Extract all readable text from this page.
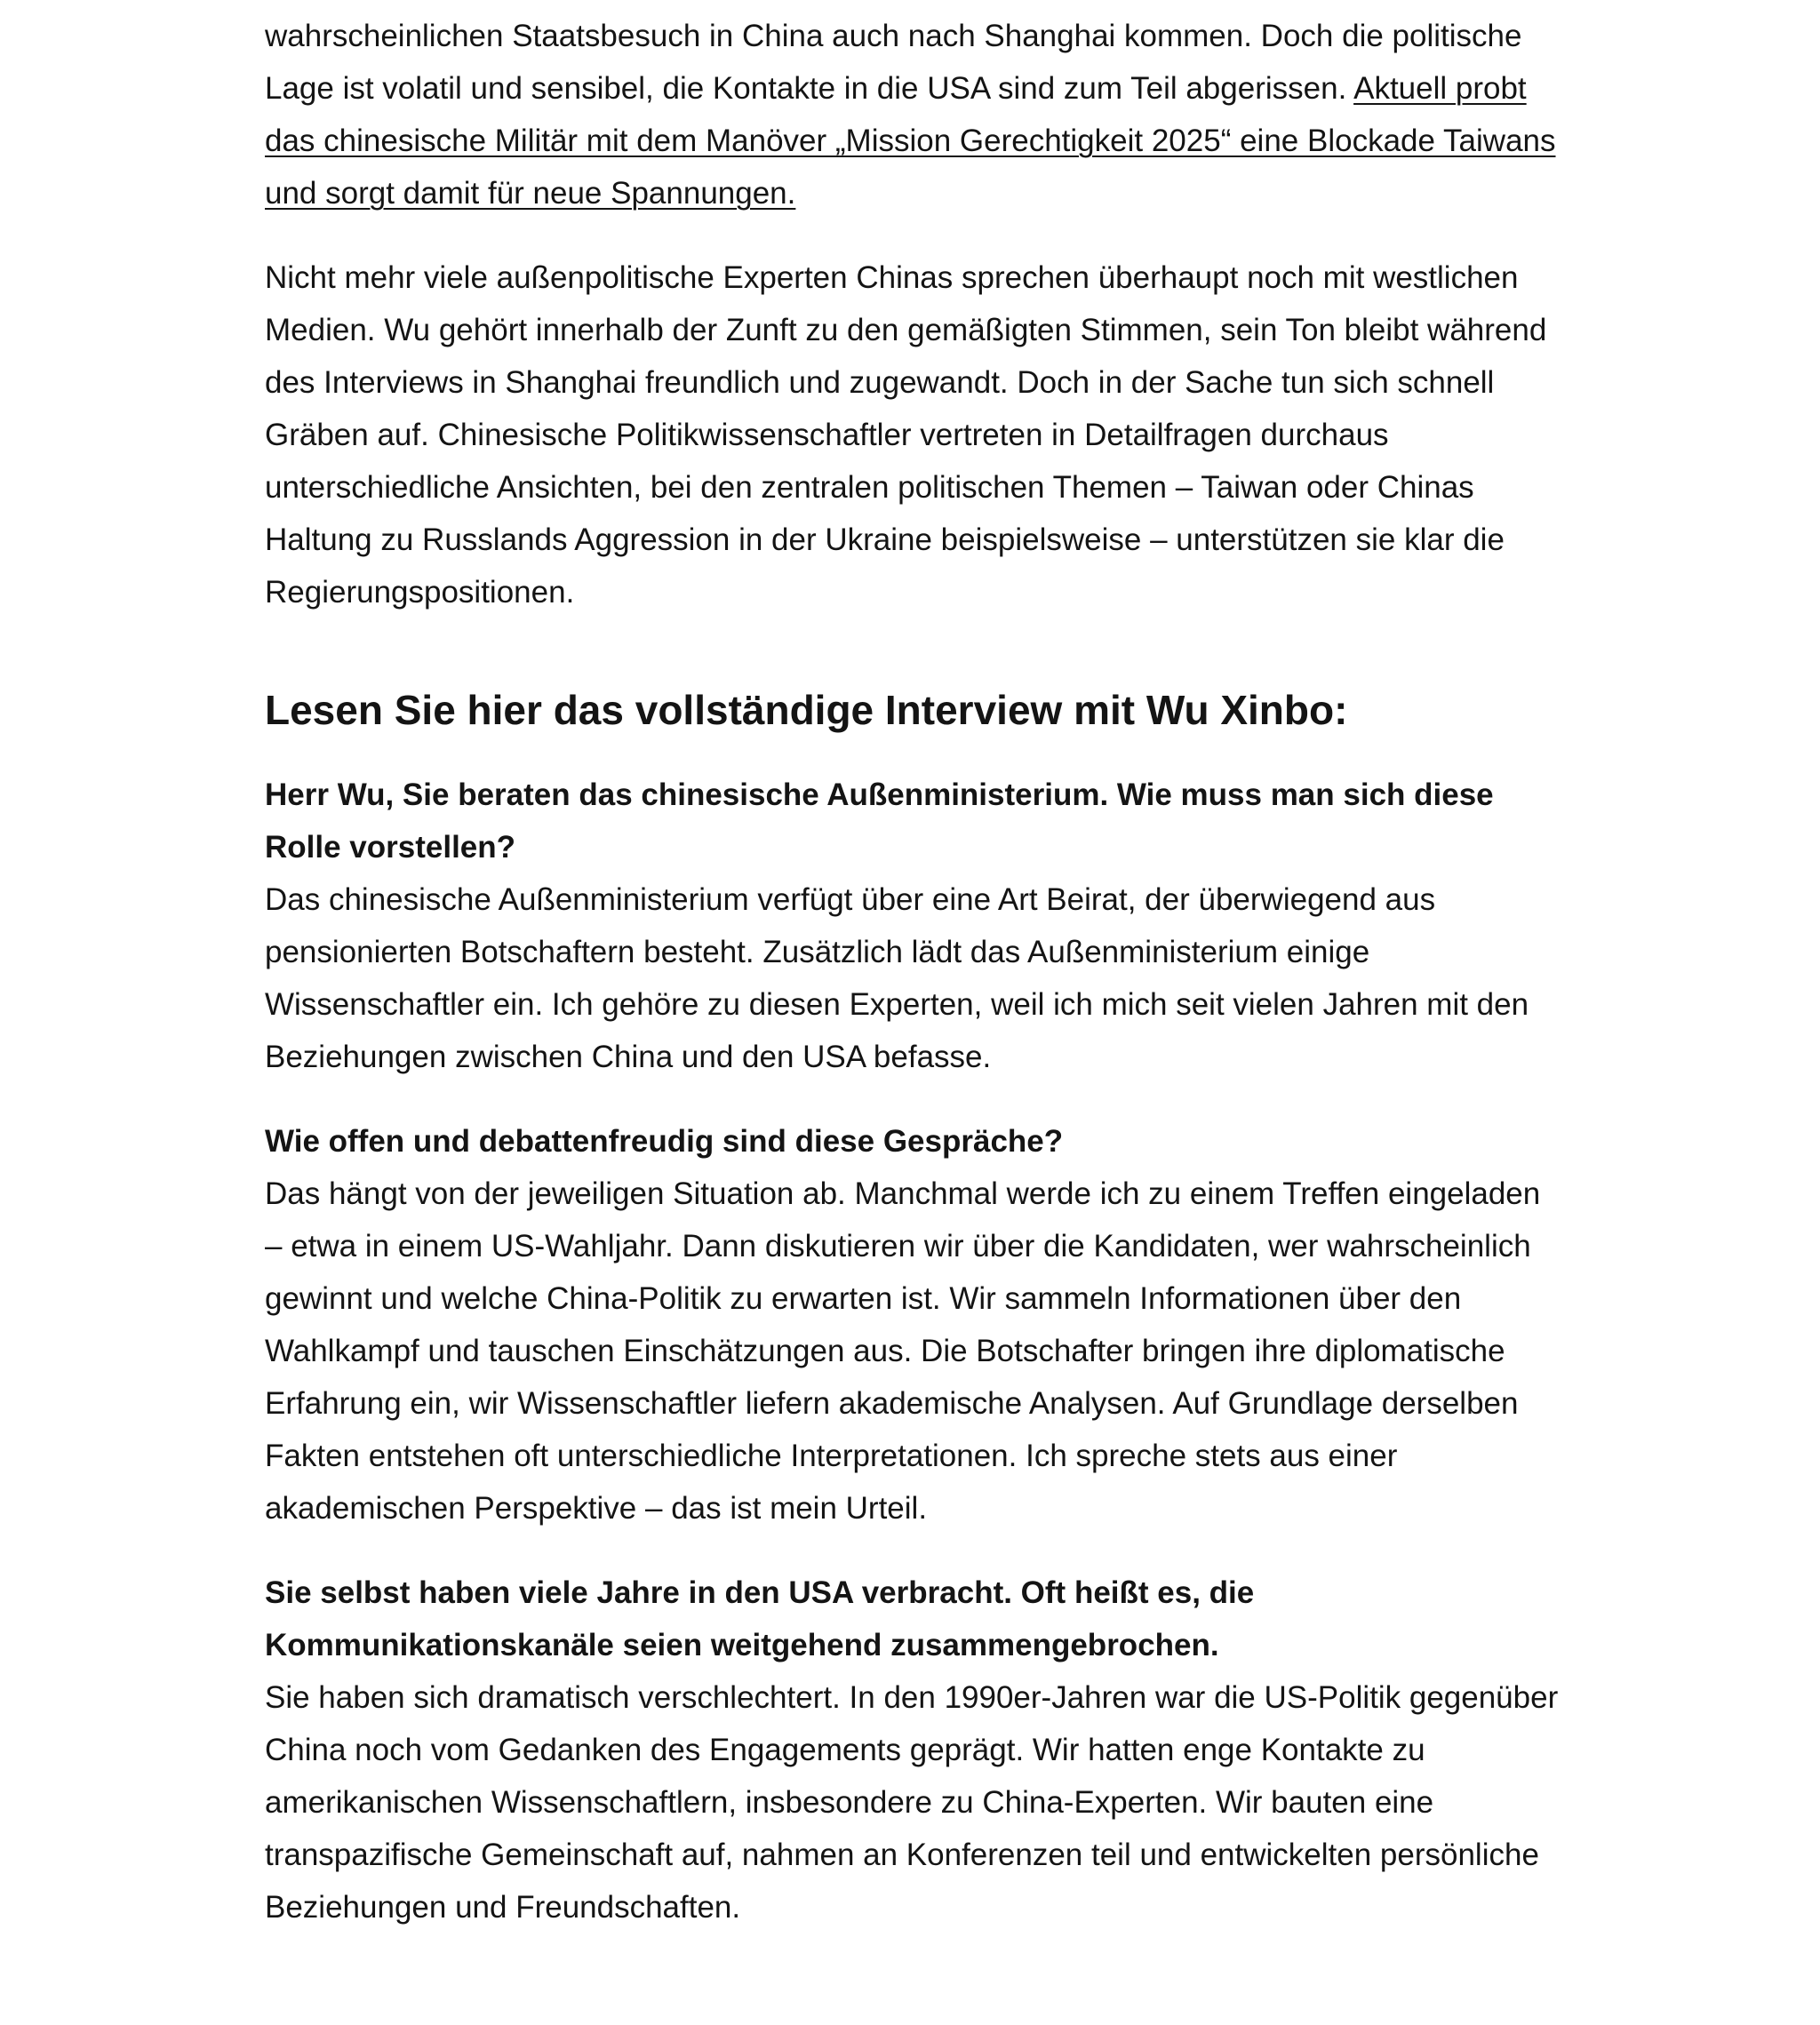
wahrscheinlichen Staatsbesuch in China auch nach Shanghai kommen. Doch die politische Lage ist volatil und sensibel, die Kontakte in die USA sind zum Teil abgerissen. Aktuell probt das chinesische Militär mit dem Manöver „Mission Gerechtigkeit 2025“ eine Blockade Taiwans und sorgt damit für neue Spannungen.

Nicht mehr viele außenpolitische Experten Chinas sprechen überhaupt noch mit westlichen Medien. Wu gehört innerhalb der Zunft zu den gemäßigten Stimmen, sein Ton bleibt während des Interviews in Shanghai freundlich und zugewandt. Doch in der Sache tun sich schnell Gräben auf. Chinesische Politikwissenschaftler vertreten in Detailfragen durchaus unterschiedliche Ansichten, bei den zentralen politischen Themen – Taiwan oder Chinas Haltung zu Russlands Aggression in der Ukraine beispielsweise – unterstützen sie klar die Regierungspositionen.

Lesen Sie hier das vollständige Interview mit Wu Xinbo:

Herr Wu, Sie beraten das chinesische Außenministerium. Wie muss man sich diese Rolle vorstellen?
Das chinesische Außenministerium verfügt über eine Art Beirat, der überwiegend aus pensionierten Botschaftern besteht. Zusätzlich lädt das Außenministerium einige Wissenschaftler ein. Ich gehöre zu diesen Experten, weil ich mich seit vielen Jahren mit den Beziehungen zwischen China und den USA befasse.

Wie offen und debattenfreudig sind diese Gespräche?
Das hängt von der jeweiligen Situation ab. Manchmal werde ich zu einem Treffen eingeladen – etwa in einem US-Wahljahr. Dann diskutieren wir über die Kandidaten, wer wahrscheinlich gewinnt und welche China-Politik zu erwarten ist. Wir sammeln Informationen über den Wahlkampf und tauschen Einschätzungen aus. Die Botschafter bringen ihre diplomatische Erfahrung ein, wir Wissenschaftler liefern akademische Analysen. Auf Grundlage derselben Fakten entstehen oft unterschiedliche Interpretationen. Ich spreche stets aus einer akademischen Perspektive – das ist mein Urteil.

Sie selbst haben viele Jahre in den USA verbracht. Oft heißt es, die Kommunikationskanäle seien weitgehend zusammengebrochen.
Sie haben sich dramatisch verschlechtert. In den 1990er-Jahren war die US-Politik gegenüber China noch vom Gedanken des Engagements geprägt. Wir hatten enge Kontakte zu amerikanischen Wissenschaftlern, insbesondere zu China-Experten. Wir bauten eine transpazifische Gemeinschaft auf, nahmen an Konferenzen teil und entwickelten persönliche Beziehungen und Freundschaften.
